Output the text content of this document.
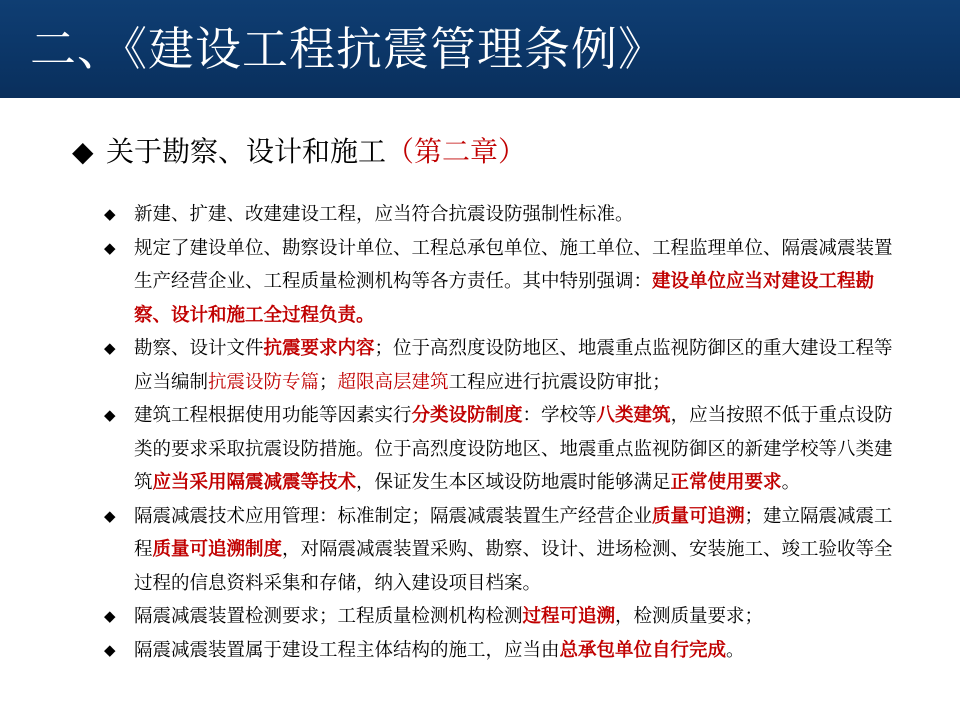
二、《建设工程抗震管理条例》
◆ 关于勘察、设计和施工（第二章）
◆ 新建、扩建、改建建设工程，应当符合抗震设防强制性标准。
◆ 规定了建设单位、勘察设计单位、工程总承包单位、施工单位、工程监理单位、隔震减震装置生产经营企业、工程质量检测机构等各方责任。其中特别强调：建设单位应当对建设工程勘察、设计和施工全过程负责。
◆ 勘察、设计文件抗震要求内容；位于高烈度设防地区、地震重点监视防御区的重大建设工程等应当编制抗震设防专篇；超限高层建筑工程应进行抗震设防审批；
◆ 建筑工程根据使用功能等因素实行分类设防制度：学校等八类建筑，应当按照不低于重点设防类的要求采取抗震设防措施。位于高烈度设防地区、地震重点监视防御区的新建学校等八类建筑应当采用隔震减震等技术，保证发生本区域设防地震时能够满足正常使用要求。
◆ 隔震减震技术应用管理：标准制定；隔震减震装置生产经营企业质量可追溯；建立隔震减震工程质量可追溯制度，对隔震减震装置采购、勘察、设计、进场检测、安装施工、竣工验收等全过程的信息资料采集和存储，纳入建设项目档案。
◆ 隔震减震装置检测要求；工程质量检测机构检测过程可追溯，检测质量要求；
◆ 隔震减震装置属于建设工程主体结构的施工，应当由总承包单位自行完成。
